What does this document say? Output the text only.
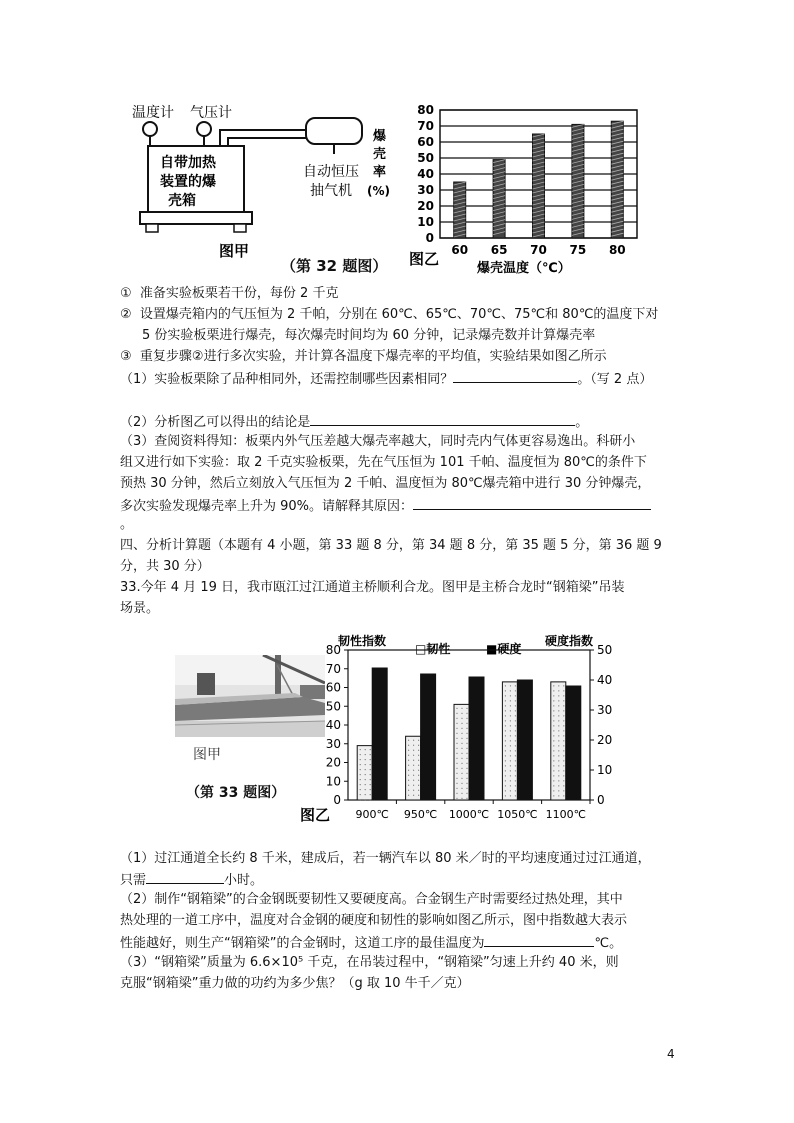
温度计 气压计
自带加热
装置的爆
壳箱
自动恒压
抽气机
图甲
（第 32 题图）
爆
壳
率
(%)
0
10
20
30
40
50
60
70
80
60 65 70 75 80
图乙
爆壳温度（℃）
① 准备实验板栗若干份，每份 2 千克
② 设置爆壳箱内的气压恒为 2 千帕，分别在 60℃、65℃、70℃、75℃和 80℃的温度下对
5 份实验板栗进行爆壳，每次爆壳时间均为 60 分钟，记录爆壳数并计算爆壳率
③ 重复步骤②进行多次实验，并计算各温度下爆壳率的平均值，实验结果如图乙所示
（1）实验板栗除了品种相同外，还需控制哪些因素相同？	。（写 2 点）
（2）分析图乙可以得出的结论是	。
（3）查阅资料得知：板栗内外气压差越大爆壳率越大，同时壳内气体更容易逸出。科研小
组又进行如下实验：取 2 千克实验板栗，先在气压恒为 101 千帕、温度恒为 80℃的条件下
预热 30 分钟，然后立刻放入气压恒为 2 千帕、温度恒为 80℃爆壳箱中进行 30 分钟爆壳，
多次实验发现爆壳率上升为 90%。请解释其原因：
。
四、分析计算题（本题有 4 小题，第 33 题 8 分，第 34 题 8 分，第 35 题 5 分，第 36 题 9
分，共 30 分）
33.今年 4 月 19 日，我市瓯江过江通道主桥顺利合龙。图甲是主桥合龙时“钢箱梁”吊装
场景。
图甲
（第 33 题图）
韧性指数
□韧性	■硬度
硬度指数
0
10
20
30
40
50
60
70
80
0
10
20
30
40
50
900℃ 950℃ 1000℃ 1050℃ 1100℃
图乙
（1）过江通道全长约 8 千米，建成后，若一辆汽车以 80 米／时的平均速度通过过江通道，
只需	小时。
（2）制作“钢箱梁”的合金钢既要韧性又要硬度高。合金钢生产时需要经过热处理，其中
热处理的一道工序中，温度对合金钢的硬度和韧性的影响如图乙所示，图中指数越大表示
性能越好，则生产“钢箱梁”的合金钢时，这道工序的最佳温度为	℃。
（3）“钢箱梁”质量为 6.6×10⁵ 千克，在吊装过程中，“钢箱梁”匀速上升约 40 米，则
克服“钢箱梁”重力做的功约为多少焦？（g 取 10 牛千／克）
4
